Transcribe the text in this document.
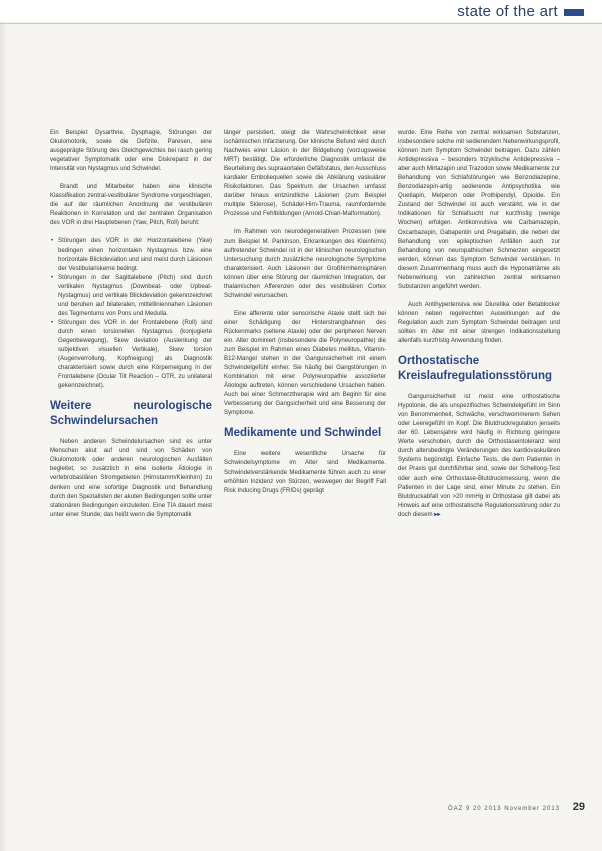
state of the art

Ein Beispiel: Dysarthrie, Dysphagie, Störungen der Okulomotorik, sowie die Defizite, Paresen, eine ausgeprägte Störung des Gleichgewichtes bei rasch gering vegetativer Symptomatik oder eine Diskrepanz in der Intensität von Nystagmus und Schwindel.

Brandt und Mitarbeiter haben eine klinische Klassifikation zentral-vestibulärer Syndrome vorgeschlagen, die auf der räumlichen Anordnung der vestibulären Reaktionen in Korrelation und der zentralen Organisation des VOR in drei Hauptebenen (Yaw, Pitch, Roll) beruht:

• Störungen des VOR in der Horizontalebene (Yaw) bedingen einen horizontalen Nystagmus bzw. eine horizontale Blickdeviation und sind meist durch Läsionen der Vestibulariskerne bedingt.
• Störungen in der Sagittalebene (Pitch) sind durch vertikalen Nystagmus (Downbeat- oder Upbeat-Nystagmus) und vertikale Blickdeviation gekennzeichnet und beruhen auf bilateralen, mittelliniennahen Läsionen des Tegmentums von Pons und Medulla.
• Störungen des VOR in der Frontalebene (Roll) sind durch einen torsionellen Nystagmus (konjugierte Gegenbewegung), Skew deviation (Auslenkung der subjektiven visuellen Vertikale), Skew torsion (Augenverrollung, Kopfneigung) als Diagnostik charakterisiert sowie durch eine Körperneigung in der Frontalebene (Ocular Tilt Reaction – OTR, zu unilateral gekennzeichnet).
Weitere neurologische Schwindelursachen

Neben anderen Schwindelursachen sind es unter Menschen akut auf und sind von Schäden von Okulomotorik oder anderen neurologischen Ausfällen begleitet, so zusätzlich in eine isolierte Ätiologie in vertebrobasilären Stromgebieten (Hirnstamm/Kleinhirn) zu denken und eine sofortige Diagnostik und Behandlung durch den Spezialisten der akuten Bedingungen sollte unter stationären Bedingungen einzuleiten. Eine TIA dauert meist unter einer Stunde; das heißt wenn die Symptomatik

länger persistiert, steigt die Wahrscheinlichkeit einer ischämischen Infarzierung. Der klinische Befund wird durch Nachweis einer Läsion in der Bildgebung (vorzugsweise MRT) bestätigt. Die erforderliche Diagnostik umfasst die Beurteilung des supraaortalen Gefäßstatus, den Ausschluss kardialer Emboliequellen sowie die Abklärung vaskulärer Risikofaktoren. Das Spektrum der Ursachen umfasst darüber hinaus entzündliche Läsionen (zum Beispiel multiple Sklerose), Schädel-Hirn-Trauma, raumfordernde Prozesse und Fehlbildungen (Arnold-Chiari-Malformation).

Im Rahmen von neurodegenerativen Prozessen (wie zum Beispiel M. Parkinson, Erkrankungen des Kleinhirns) auftretender Schwindel ist in der klinischen neurologischen Untersuchung durch zusätzliche neurologische Symptome charakterisiert. Auch Läsionen der Großhirnhemisphären können über eine Störung der räumlichen Integration, der thalamischen Afferenzen oder des vestibulären Cortex Schwindel verursachen.

Eine afferente oder sensorische Ataxie stellt sich bei einer Schädigung der Hinterstrangbahnen des Rückenmarks (seltene Ataxie) oder der peripheren Nerven ein. Alter dominiert (insbesondere die Polyneuropathie) die zum Beispiel im Rahmen eines Diabetes mellitus, Vitamin-B12-Mangel stehen in der Gangunsicherheit mit einem Schwindelgefühl einher. Sie häufig bei Gangstörungen in Kombination mit einer Polyneuropathie assoziierter Ätiologie auftreten, können verschiedene Ursachen haben. Auch bei einer Schmerztherapie wird am Beginn für eine Verbesserung der Gangsicherheit und eine Besserung der Symptome.

Medikamente und Schwindel

Eine weitere wesentliche Ursache für Schwindelsymptome im Alter sind Medikamente. Schwindelverstärkende Medikamente führen auch zu einer erhöhten Inzidenz von Stürzen, weswegen der Begriff Fall Risk Inducing Drugs (FRIDs) geprägt

wurde. Eine Reihe von zentral wirksamen Substanzen, insbesondere solche mit sedierendem Nebenwirkungsprofil, können zum Symptom Schwindel beitragen. Dazu zählen Antidepressiva – besonders trizyklische Antidepressiva – aber auch Mirtazapin und Trazodon sowie Medikamente zur Behandlung von Schlafstörungen wie Benzodiazepine, Benzodiazepin-artig sedierende Antipsychotika wie Quetiapin, Melperon oder Prothipendyl, Opioide. Ein Zustand der Schwindel ist auch verstärkt, wie in der Indikationen für Schlafsucht nur kurzfristig (wenige Wochen) erfolgen. Antikonvulsiva wie Carbamazepin, Oxcarbazepin, Gabapentin und Pregabalin, die neben der Behandlung von epileptischen Anfällen auch zur Behandlung von neuropathischen Schmerzen eingesetzt werden, können das Symptom Schwindel verstärken. In diesem Zusammenhang muss auch die Hyponatriämie als Nebenwirkung von zahlreichen zentral wirksamen Substanzen angeführt werden.

Auch Antihypertensiva wie Diuretika oder Betablocker können neben regelrechten Auswirkungen auf die Regulation auch zum Symptom Schwindel beitragen und sollten im Alter mit einer strengen Indikationsstellung allenfalls kurzfristig Anwendung finden.

Orthostatische Kreislaufregulationsstörung

Gangunsicherheit ist meist eine orthostatische Hypotonie, die als unspezifisches Schwindelgefühl im Sinn von Benommenheit, Schwäche, verschwommenem Sehen oder Leeregefühl im Kopf. Die Blutdruckregulation jenseits der 60. Lebensjahre wird häufig in Richtung geringere Werte verschoben, durch die Orthostaseintoleranz wird durch altersbedingte Veränderungen des kardiovaskulären Systems begünstigt. Einfache Tests, die dem Patienten in der Praxis gut durchführbar sind, sowie der Schellong-Test oder auch eine Orthostase-Blutdruckmessung, wenn die Patienten in der Lage sind, einer Minute zu stehen. Ein Blutdruckabfall von >20 mmHg in Orthostase gilt dabei als Hinweis auf eine orthostatische Regulationsstörung oder zu doch diesem ▸▸

ÖAZ 9 20 2013 November 2013 29
